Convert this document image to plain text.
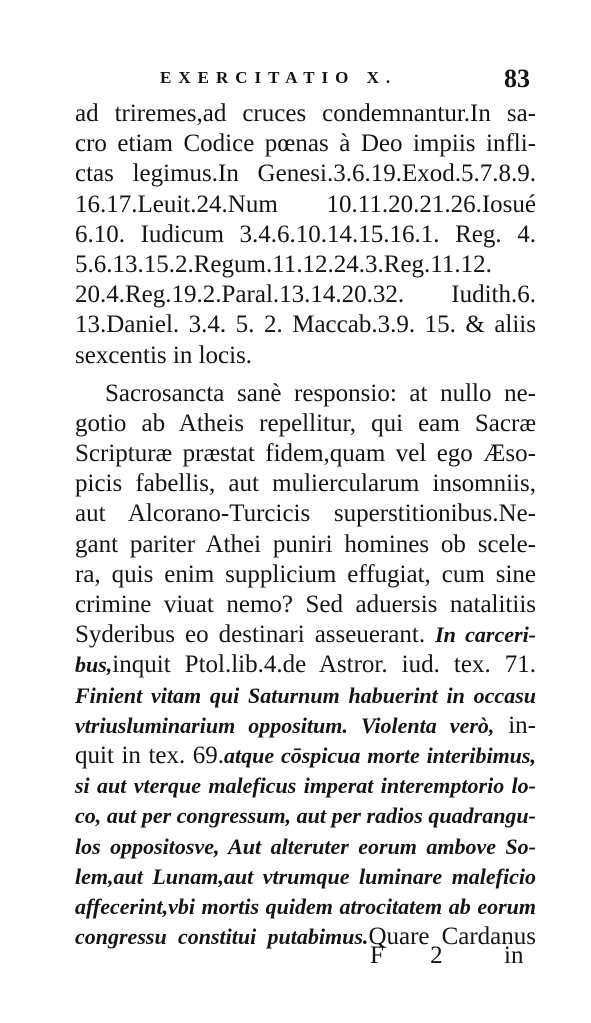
EXERCITATIO X.	83
ad triremes,ad cruces condemnantur.In sa-
cro etiam Codice pœnas à Deo impiis infli-
ctas legimus.In Genesi.3.6.19.Exod.5.7.8.9.
16.17.Leuit.24.Num 10.11.20.21.26.Iosué
6.10. Iudicum 3.4.6.10.14.15.16.1. Reg. 4.
5.6.13.15.2.Regum.11.12.24.3.Reg.11.12.
20.4.Reg.19.2.Paral.13.14.20.32. Iudith.6.
13.Daniel. 3.4. 5. 2. Maccab.3.9. 15. & aliis
sexcentis in locis.
Sacrosancta sanè responsio: at nullo ne-
gotio ab Atheis repellitur, qui eam Sacræ
Scripturæ præstat fidem,quam vel ego Æso-
picis fabellis, aut muliercularum insomniis,
aut Alcorano-Turcicis superstitionibus.Ne-
gant pariter Athei puniri homines ob scele-
ra, quis enim supplicium effugiat, cum sine
crimine viuat nemo? Sed aduersis natalitiis
Syderibus eo destinari asseuerant. In carceri-
bus,inquit Ptol.lib.4.de Astror. iud. tex. 71.
Finient vitam qui Saturnum habuerint in occasu
vtriusluminarium oppositum. Violenta verò, in-
quit in tex. 69.atque cōspicua morte interibimus,
si aut vterque maleficus imperat interemptorio lo-
co, aut per congressum, aut per radios quadrangu-
los oppositosve, Aut alteruter eorum ambove So-
lem,aut Lunam,aut vtrumque luminare maleficio
affecerint,vbi mortis quidem atrocitatem ab eorum
congressu constitui putabimus.Quare Cardanus
F 2 in
